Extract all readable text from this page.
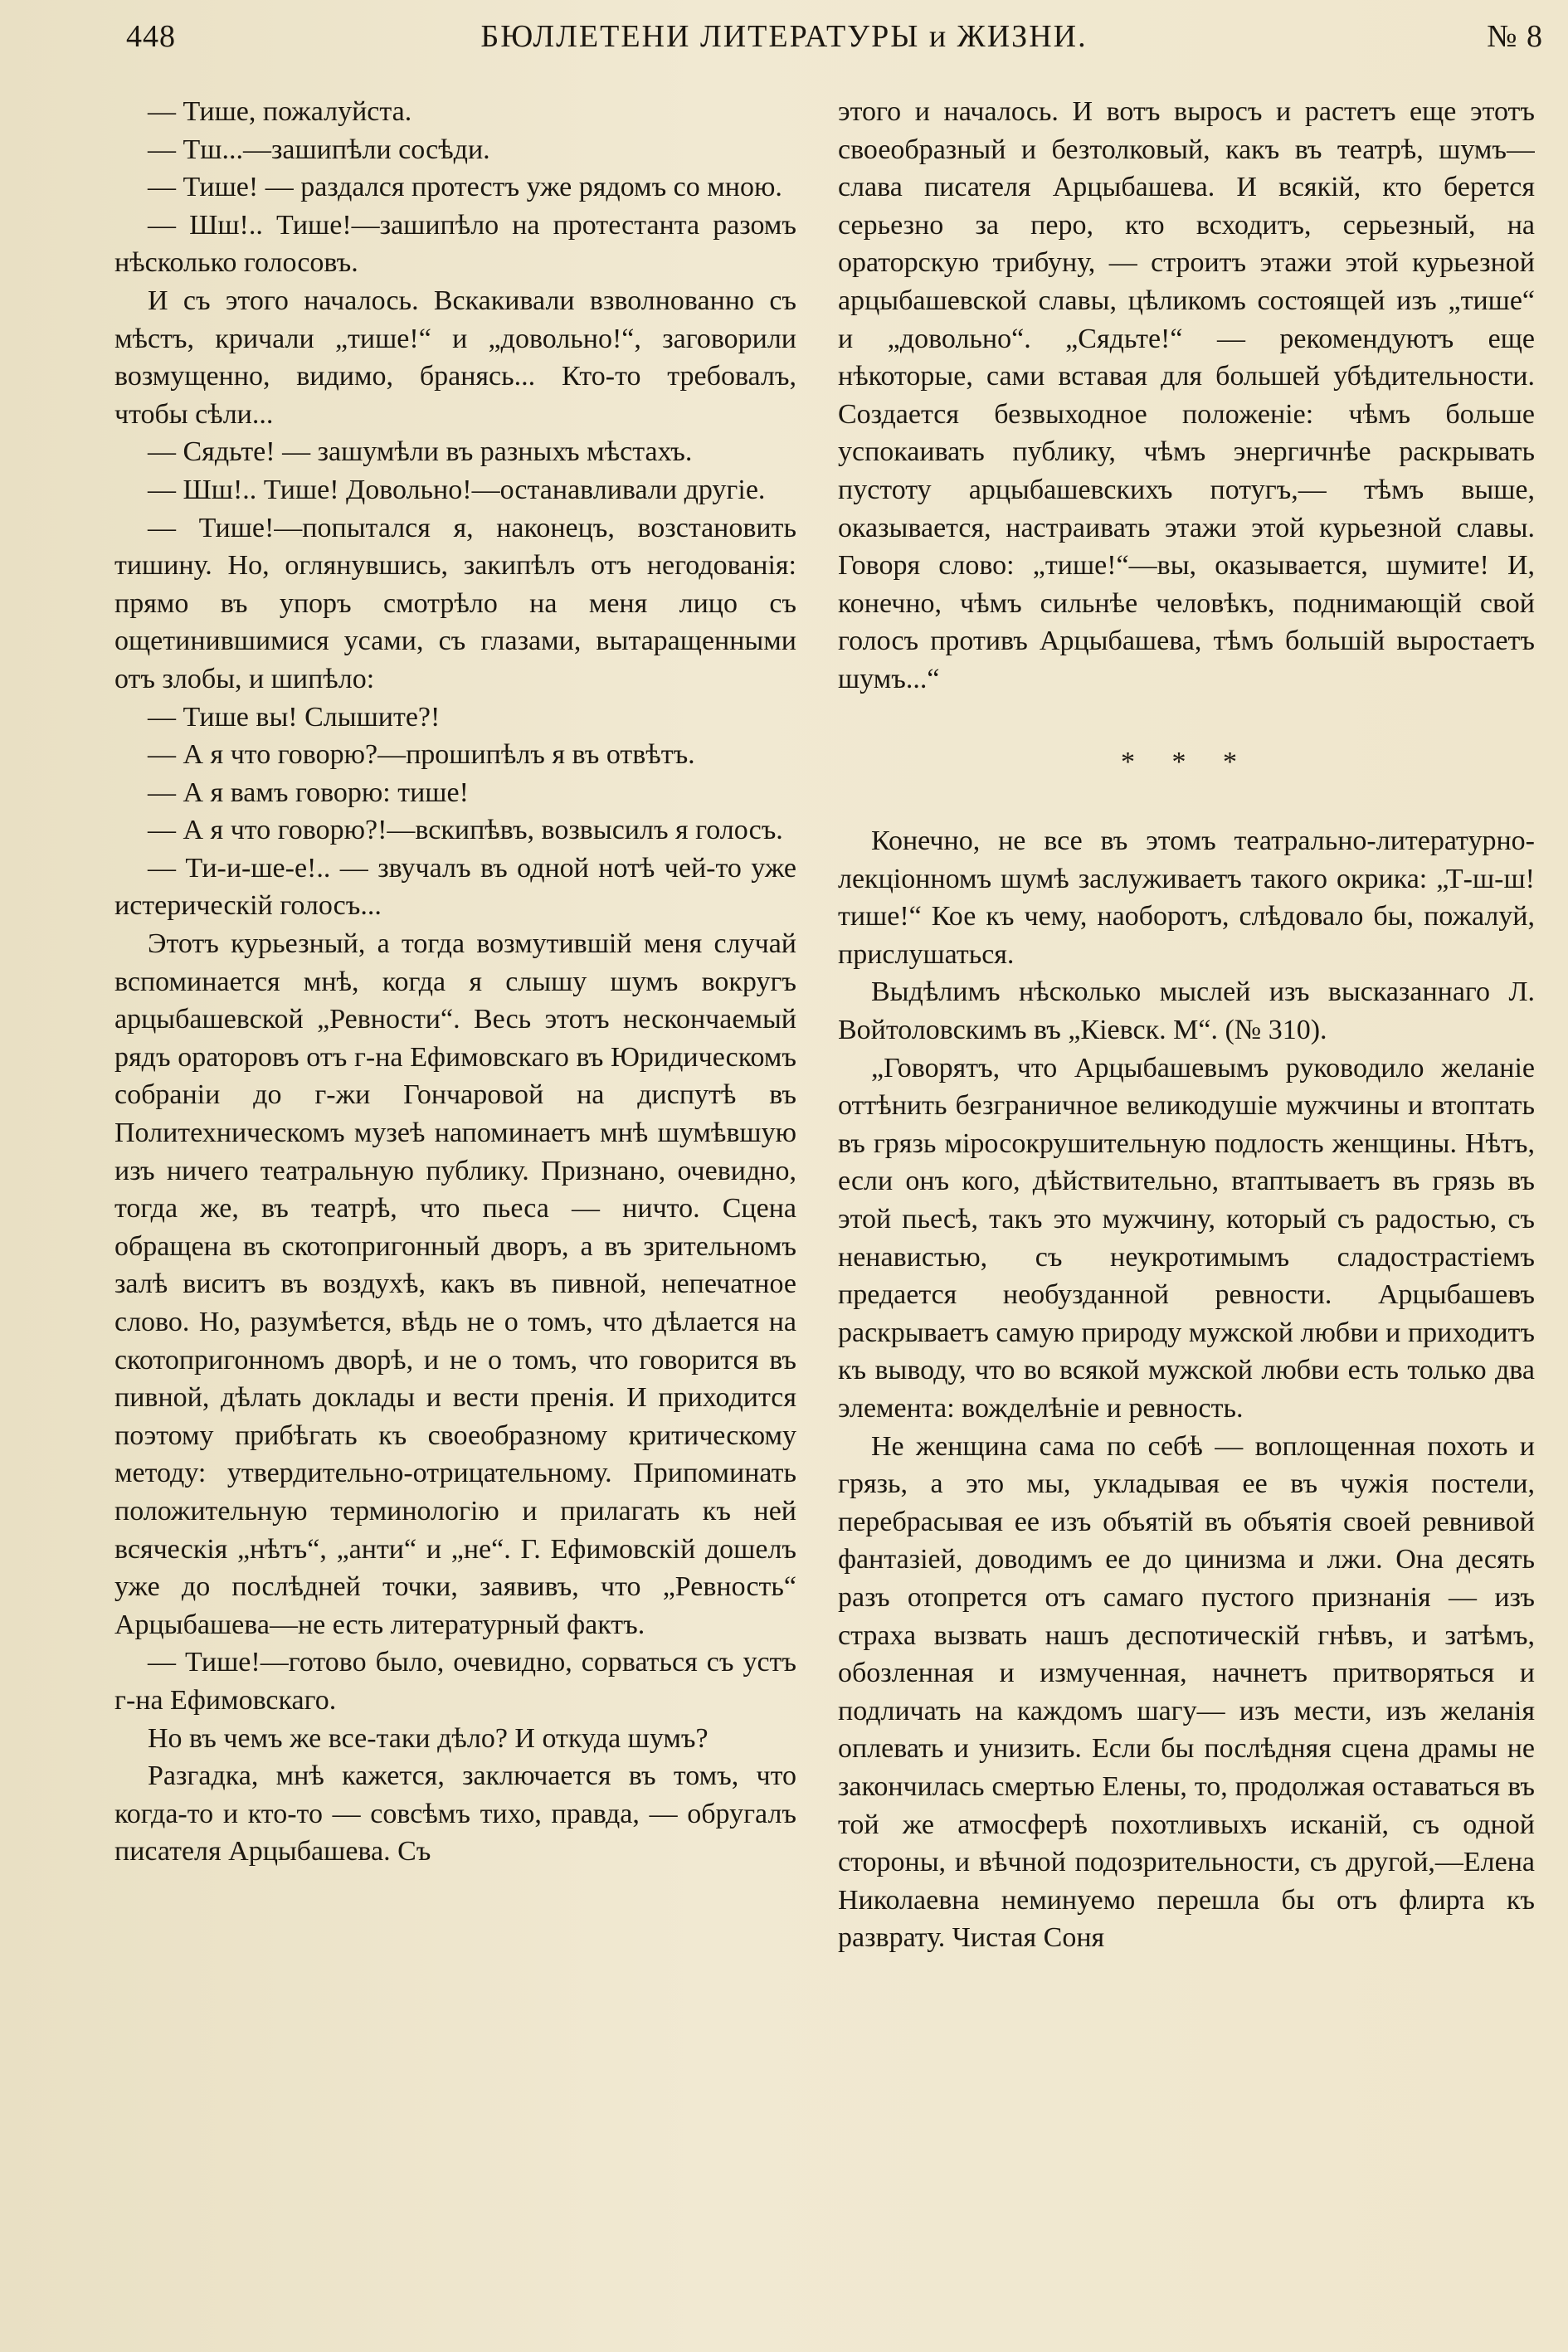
БЮЛЛЕТЕНИ ЛИТЕРАТУРЫ и ЖИЗНИ.
448	№ 8

— Тише, пожалуйста.

— Тш...—зашипѣли сосѣди.

— Тише! — раздался протестъ уже рядомъ со мною.

— Шш!.. Тише!—зашипѣло на протестанта разомъ нѣсколько голосовъ.

И съ этого началось. Вскакивали взволнованно съ мѣстъ, кричали „тише!“ и „довольно!“, заговорили возмущенно, видимо, бранясь... Кто-то требовалъ, чтобы сѣли...

— Сядьте! — зашумѣли въ разныхъ мѣстахъ.

— Шш!.. Тише! Довольно!—останавливали другіе.

— Тише!—попытался я, наконецъ, возстановить тишину. Но, оглянувшись, закипѣлъ отъ негодованія: прямо въ упоръ смотрѣло на меня лицо съ ощетинившимися усами, съ глазами, вытаращенными отъ злобы, и шипѣло:

— Тише вы! Слышите?!

— А я что говорю?—прошипѣлъ я въ отвѣтъ.

— А я вамъ говорю: тише!

— А я что говорю?!—вскипѣвъ, возвысилъ я голосъ.

— Ти-и-ше-е!.. — звучалъ въ одной нотѣ чей-то уже истерическій голосъ...

Этотъ курьезный, а тогда возмутившій меня случай вспоминается мнѣ, когда я слышу шумъ вокругъ арцыбашевской „Ревности“. Весь этотъ нескончаемый рядъ ораторовъ отъ г-на Ефимовскаго въ Юридическомъ собраніи до г-жи Гончаровой на диспутѣ въ Политехническомъ музеѣ напоминаетъ мнѣ шумѣвшую изъ ничего театральную публику. Признано, очевидно, тогда же, въ театрѣ, что пьеса — ничто. Сцена обращена въ скотопригонный дворъ, а въ зрительномъ залѣ виситъ въ воздухѣ, какъ въ пивной, непечатное слово. Но, разумѣется, вѣдь не о томъ, что дѣлается на скотопригонномъ дворѣ, и не о томъ, что говорится въ пивной, дѣлать доклады и вести пренія. И приходится поэтому прибѣгать къ своеобразному критическому методу: утвердительно-отрицательному. Припоминать положительную терминологію и прилагать къ ней всяческія „нѣтъ“, „анти“ и „не“. Г. Ефимовскій дошелъ уже до послѣдней точки, заявивъ, что „Ревность“ Арцыбашева—не есть литературный фактъ.

— Тише!—готово было, очевидно, сорваться съ устъ г-на Ефимовскаго.

Но въ чемъ же все-таки дѣло? И откуда шумъ?

Разгадка, мнѣ кажется, заключается въ томъ, что когда-то и кто-то — совсѣмъ тихо, правда, — обругалъ писателя Арцыбашева. Съ

этого и началось. И вотъ выросъ и растетъ еще этотъ своеобразный и безтолковый, какъ въ театрѣ, шумъ—слава писателя Арцыбашева. И всякій, кто берется серьезно за перо, кто всходитъ, серьезный, на ораторскую трибуну, — строитъ этажи этой курьезной арцыбашевской славы, цѣликомъ состоящей изъ „тише“ и „довольно“. „Сядьте!“ — рекомендуютъ еще нѣкоторые, сами вставая для большей убѣдительности. Создается безвыходное положеніе: чѣмъ больше успокаивать публику, чѣмъ энергичнѣе раскрывать пустоту арцыбашевскихъ потугъ,— тѣмъ выше, оказывается, настраивать этажи этой курьезной славы. Говоря слово: „тише!“—вы, оказывается, шумите! И, конечно, чѣмъ сильнѣе человѣкъ, поднимающій свой голосъ противъ Арцыбашева, тѣмъ большій выростаетъ шумъ...“

* * *

Конечно, не все въ этомъ театрально-литературно-лекціонномъ шумѣ заслуживаетъ такого окрика: „Т-ш-ш! тише!“ Кое къ чему, наоборотъ, слѣдовало бы, пожалуй, прислушаться.

Выдѣлимъ нѣсколько мыслей изъ высказаннаго Л. Войтоловскимъ въ „Кіевск. М“. (№ 310).

„Говорятъ, что Арцыбашевымъ руководило желаніе оттѣнить безграничное великодушіе мужчины и втоптать въ грязь міросокрушительную подлость женщины. Нѣтъ, если онъ кого, дѣйствительно, втаптываетъ въ грязь въ этой пьесѣ, такъ это мужчину, который съ радостью, съ ненавистью, съ неукротимымъ сладострастіемъ предается необузданной ревности. Арцыбашевъ раскрываетъ самую природу мужской любви и приходитъ къ выводу, что во всякой мужской любви есть только два элемента: вожделѣніе и ревность.

Не женщина сама по себѣ — воплощенная похоть и грязь, а это мы, укладывая ее въ чужія постели, перебрасывая ее изъ объятій въ объятія своей ревнивой фантазіей, доводимъ ее до цинизма и лжи. Она десять разъ отопрется отъ самаго пустого признанія — изъ страха вызвать нашъ деспотическій гнѣвъ, и затѣмъ, обозленная и измученная, начнетъ притворяться и подличать на каждомъ шагу— изъ мести, изъ желанія оплевать и унизить. Если бы послѣдняя сцена драмы не закончилась смертью Елены, то, продолжая оставаться въ той же атмосферѣ похотливыхъ исканій, съ одной стороны, и вѣчной подозрительности, съ другой,—Елена Николаевна неминуемо перешла бы отъ флирта къ разврату. Чистая Соня
